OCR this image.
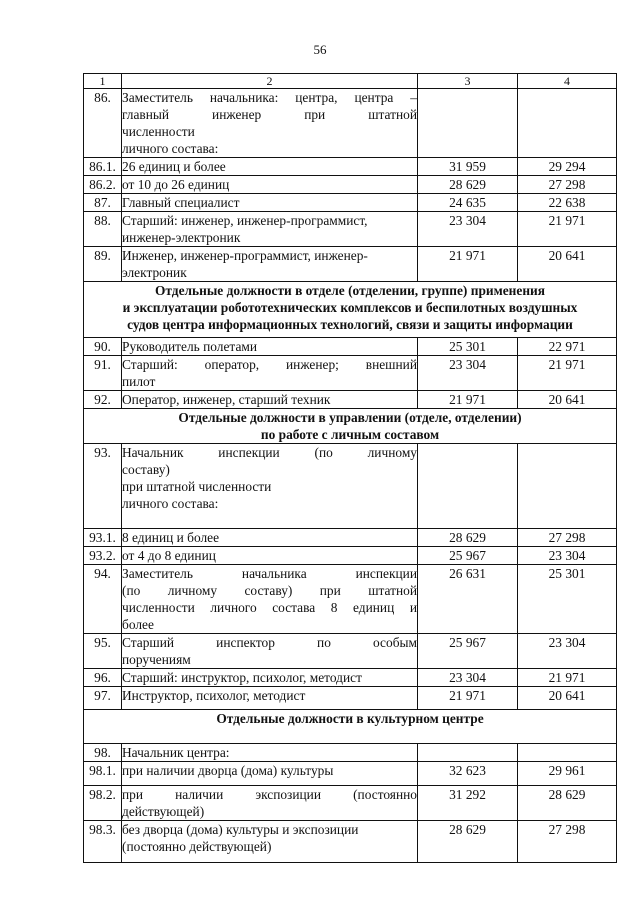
56
1	2	3	4
86.	Заместитель начальника: центра, центра –
главный инженер при штатной
численности
личного состава:		

86.1.	26 единиц и более	31 959	29 294
86.2.	от 10 до 26 единиц	28 629	27 298
87.	Главный специалист	24 635	22 638
88.	Старший: инженер, инженер-программист,
инженер-электроник	23 304	21 971
89.	Инженер, инженер-программист, инженер-
электроник	21 971	20 641

Отдельные должности в отделе (отделении, группе) применения
и эксплуатации робототехнических комплексов и беспилотных воздушных
судов центра информационных технологий, связи и защиты информации			

90.	Руководитель полетами	25 301	22 971
91.	Старший: оператор, инженер; внешний
пилот	23 304	21 971
92.	Оператор, инженер, старший техник	21 971	20 641

Отдельные должности в управлении (отделе, отделении)
по работе с личным составом			

93.	Начальник инспекции (по личному
составу)
при штатной численности
личного состава:		

93.1.	8 единиц и более	28 629	27 298
93.2.	от 4 до 8 единиц	25 967	23 304
94.	Заместитель начальника инспекции
(по личному составу) при штатной
численности личного состава 8 единиц и
более	26 631	25 301
95.	Старший инспектор по особым
поручениям	25 967	23 304
96.	Старший: инструктор, психолог, методист	23 304	21 971
97.	Инструктор, психолог, методист	21 971	20 641

Отдельные должности в культурном центре			

98.	Начальник центра:		

98.1.	при наличии дворца (дома) культуры	32 623	29 961
98.2.	при наличии экспозиции (постоянно
действующей)	31 292	28 629
98.3.	без дворца (дома) культуры и экспозиции
(постоянно действующей)	28 629	27 298
